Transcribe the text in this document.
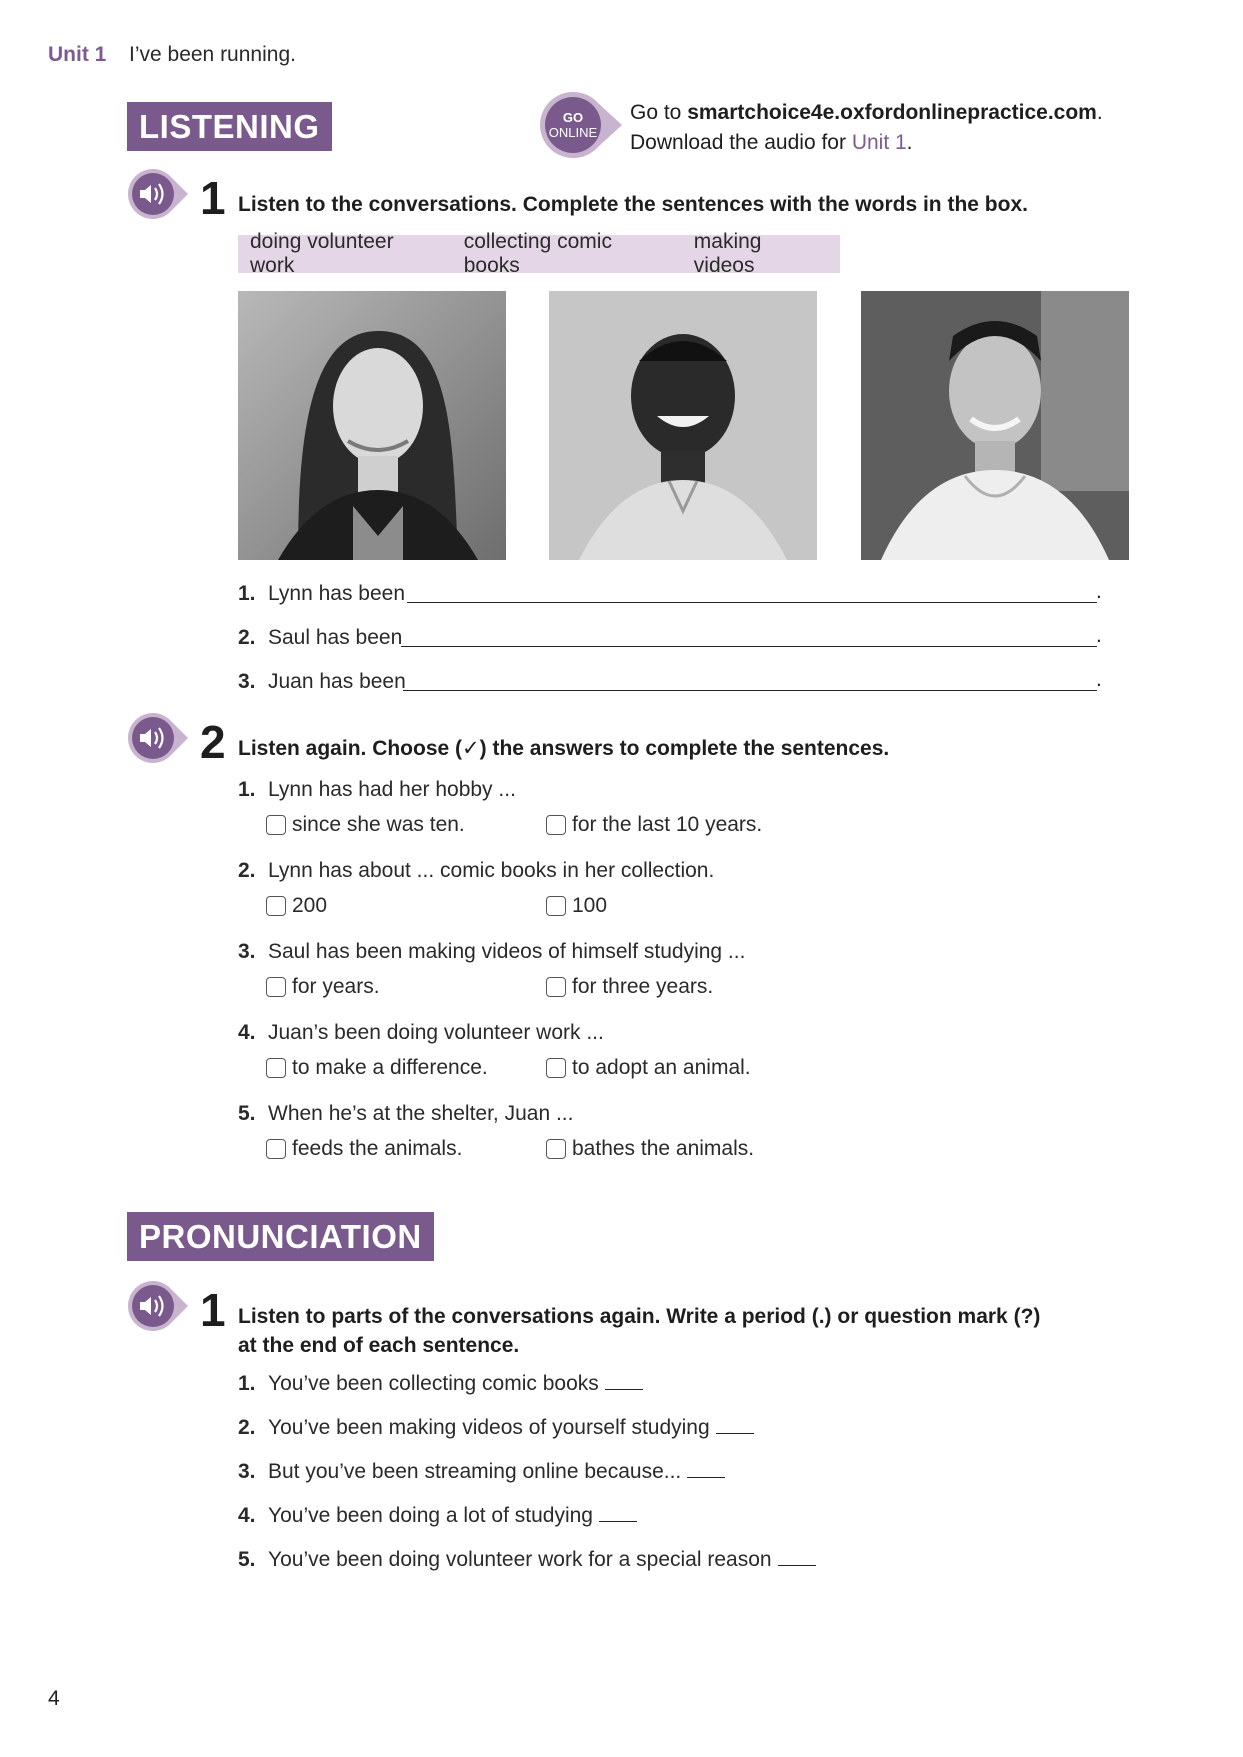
Unit 1 I’ve been running.
LISTENING	GO
ONLINE
Go to smartchoice4e.oxfordonlinepractice.com.
Download the audio for Unit 1.
1 Listen to the conversations. Complete the sentences with the words in the box.
doing volunteer work
collecting comic books
making videos
1. Lynn has been	.
2. Saul has been	.
3. Juan has been	.
2 Listen again. Choose (✓) the answers to complete the sentences.
1. Lynn has had her hobby ...
since she was ten.	for the last 10 years.
2. Lynn has about ... comic books in her collection.
200	100
3. Saul has been making videos of himself studying ...
for years.	for three years.
4. Juan’s been doing volunteer work ...
to make a difference.	to adopt an animal.
5. When he’s at the shelter, Juan ...
feeds the animals.	bathes the animals.
PRONUNCIATION
1 Listen to parts of the conversations again. Write a period (.) or question mark (?)
at the end of each sentence.
1. You’ve been collecting comic books
2. You’ve been making videos of yourself studying
3. But you’ve been streaming online because...
4. You’ve been doing a lot of studying
5. You’ve been doing volunteer work for a special reason
4
